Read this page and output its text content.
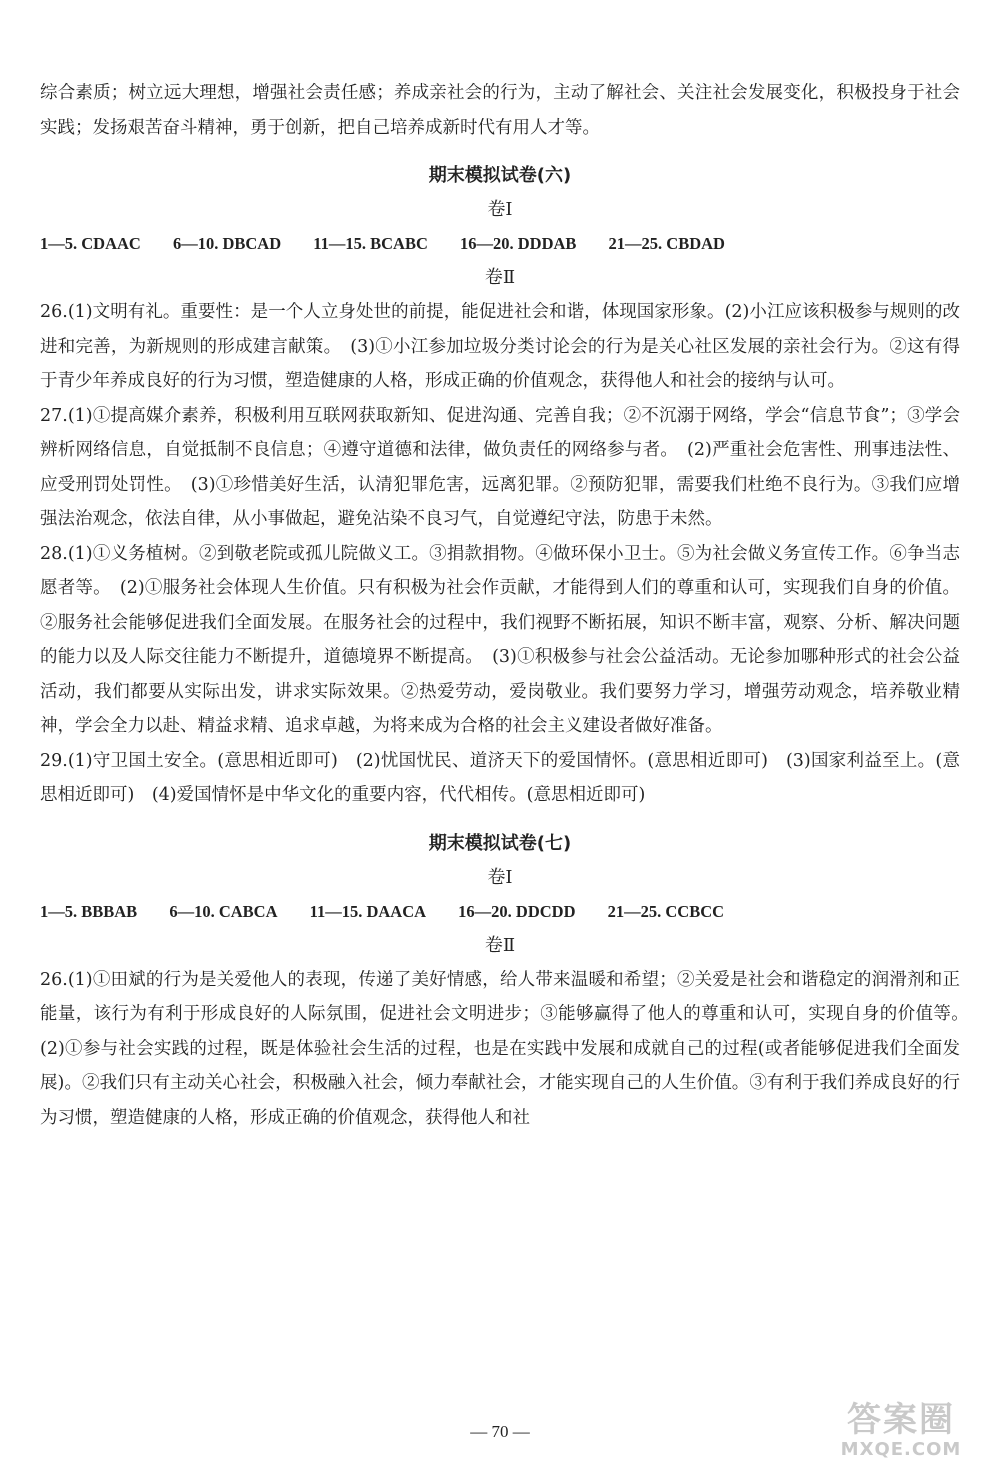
综合素质；树立远大理想，增强社会责任感；养成亲社会的行为，主动了解社会、关注社会发展变化，积极投身于社会实践；发扬艰苦奋斗精神，勇于创新，把自己培养成新时代有用人才等。

期末模拟试卷(六)
卷Ⅰ
1—5. CDAAC 6—10. DBCAD 11—15. BCABC 16—20. DDDAB 21—25. CBDAD
卷Ⅱ

26.(1)文明有礼。重要性：是一个人立身处世的前提，能促进社会和谐，体现国家形象。(2)小江应该积极参与规则的改进和完善，为新规则的形成建言献策。　(3)①小江参加垃圾分类讨论会的行为是关心社区发展的亲社会行为。②这有得于青少年养成良好的行为习惯，塑造健康的人格，形成正确的价值观念，获得他人和社会的接纳与认可。

27.(1)①提高媒介素养，积极利用互联网获取新知、促进沟通、完善自我；②不沉溺于网络，学会“信息节食”；③学会辨析网络信息，自觉抵制不良信息；④遵守道德和法律，做负责任的网络参与者。　(2)严重社会危害性、刑事违法性、应受刑罚处罚性。　(3)①珍惜美好生活，认清犯罪危害，远离犯罪。②预防犯罪，需要我们杜绝不良行为。③我们应增强法治观念，依法自律，从小事做起，避免沾染不良习气，自觉遵纪守法，防患于未然。

28.(1)①义务植树。②到敬老院或孤儿院做义工。③捐款捐物。④做环保小卫士。⑤为社会做义务宣传工作。⑥争当志愿者等。　(2)①服务社会体现人生价值。只有积极为社会作贡献，才能得到人们的尊重和认可，实现我们自身的价值。②服务社会能够促进我们全面发展。在服务社会的过程中，我们视野不断拓展，知识不断丰富，观察、分析、解决问题的能力以及人际交往能力不断提升，道德境界不断提高。　(3)①积极参与社会公益活动。无论参加哪种形式的社会公益活动，我们都要从实际出发，讲求实际效果。②热爱劳动，爱岗敬业。我们要努力学习，增强劳动观念，培养敬业精神，学会全力以赴、精益求精、追求卓越，为将来成为合格的社会主义建设者做好准备。

29.(1)守卫国土安全。(意思相近即可)　(2)忧国忧民、道济天下的爱国情怀。(意思相近即可)　(3)国家利益至上。(意思相近即可)　(4)爱国情怀是中华文化的重要内容，代代相传。(意思相近即可)

期末模拟试卷(七)
卷Ⅰ
1—5. BBBAB 6—10. CABCA 11—15. DAACA 16—20. DDCDD 21—25. CCBCC
卷Ⅱ

26.(1)①田斌的行为是关爱他人的表现，传递了美好情感，给人带来温暖和希望；②关爱是社会和谐稳定的润滑剂和正能量，该行为有利于形成良好的人际氛围，促进社会文明进步；③能够赢得了他人的尊重和认可，实现自身的价值等。　(2)①参与社会实践的过程，既是体验社会生活的过程，也是在实践中发展和成就自己的过程(或者能够促进我们全面发展)。②我们只有主动关心社会，积极融入社会，倾力奉献社会，才能实现自己的人生价值。③有利于我们养成良好的行为习惯，塑造健康的人格，形成正确的价值观念，获得他人和社

— 70 —	答案圈
MXQE.COM
